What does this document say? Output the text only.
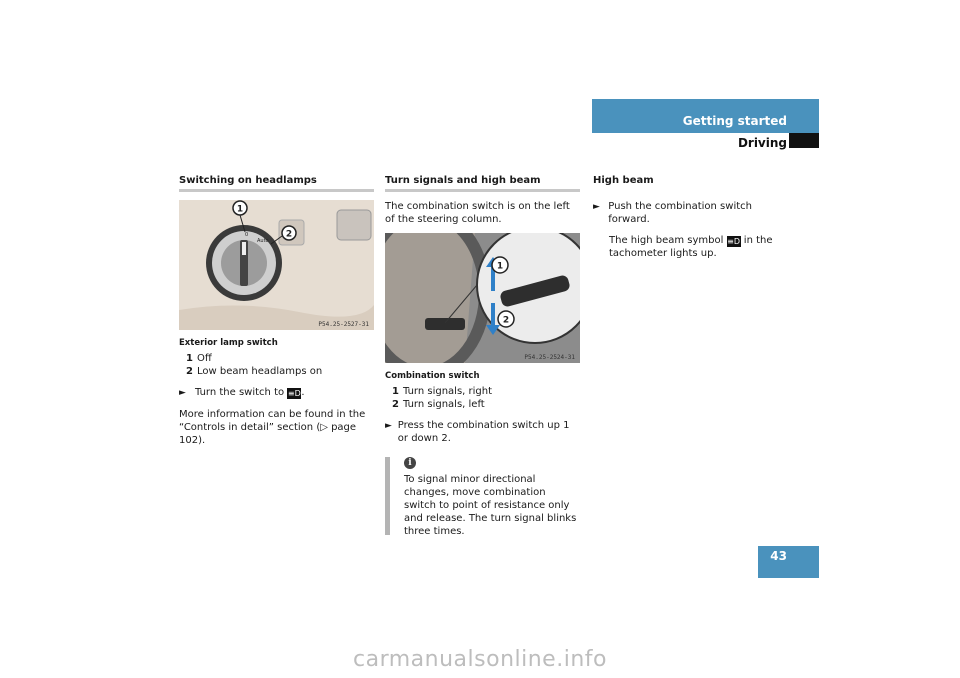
Getting started
Driving
Switching on headlamps
Auto
0
1
2
P54.25-2527-31
Exterior lamp switch
1 Off
2 Low beam headlamps on
► Turn the switch to ≡D.
More information can be found in the “Controls in detail” section (▷ page 102).
Turn signals and high beam
The combination switch is on the left of the steering column.
1
2
P54.25-2524-31
Combination switch
1 Turn signals, right
2 Turn signals, left
► Press the combination switch up 1 or down 2.
i
To signal minor directional changes, move combination switch to point of resistance only and release. The turn signal blinks three times.
High beam
► Push the combination switch forward.
The high beam symbol ≡D in the tachometer lights up.
43
carmanualsonline.info
